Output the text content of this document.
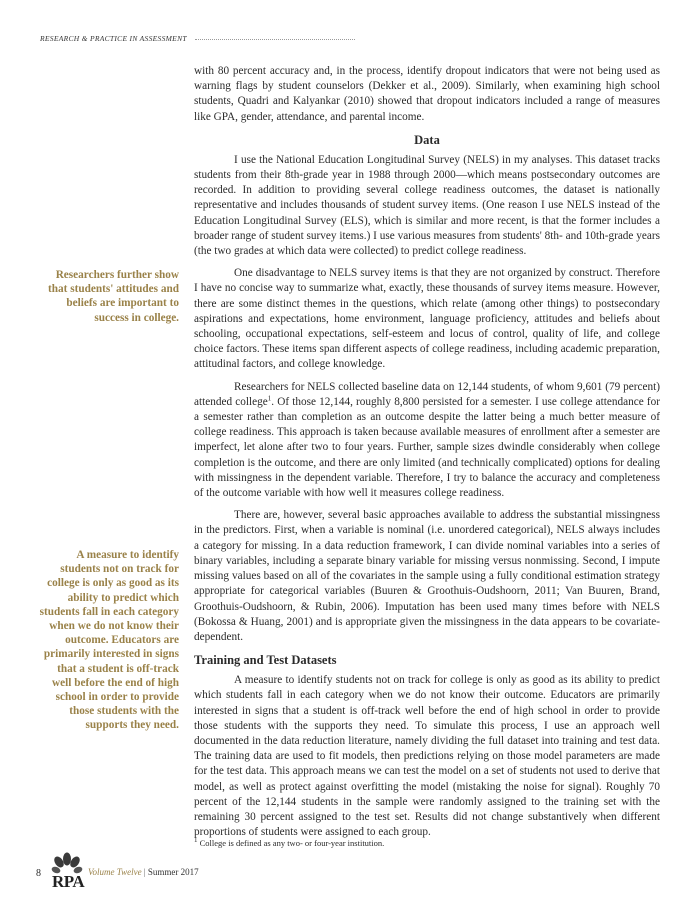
RESEARCH & PRACTICE IN ASSESSMENT
Researchers further show that students' attitudes and beliefs are important to success in college.
A measure to identify students not on track for college is only as good as its ability to predict which students fall in each category when we do not know their outcome. Educators are primarily interested in signs that a student is off-track well before the end of high school in order to provide those students with the supports they need.

with 80 percent accuracy and, in the process, identify dropout indicators that were not being used as warning flags by student counselors (Dekker et al., 2009). Similarly, when examining high school students, Quadri and Kalyankar (2010) showed that dropout indicators included a range of measures like GPA, gender, attendance, and parental income.

Data

I use the National Education Longitudinal Survey (NELS) in my analyses. This dataset tracks students from their 8th-grade year in 1988 through 2000—which means postsecondary outcomes are recorded. In addition to providing several college readiness outcomes, the dataset is nationally representative and includes thousands of student survey items. (One reason I use NELS instead of the Education Longitudinal Survey (ELS), which is similar and more recent, is that the former includes a broader range of student survey items.) I use various measures from students' 8th- and 10th-grade years (the two grades at which data were collected) to predict college readiness.

One disadvantage to NELS survey items is that they are not organized by construct. Therefore I have no concise way to summarize what, exactly, these thousands of survey items measure. However, there are some distinct themes in the questions, which relate (among other things) to postsecondary aspirations and expectations, home environment, language proficiency, attitudes and beliefs about schooling, occupational expectations, self-esteem and locus of control, quality of life, and college choice factors. These items span different aspects of college readiness, including academic preparation, attitudinal factors, and college knowledge.

Researchers for NELS collected baseline data on 12,144 students, of whom 9,601 (79 percent) attended college$^1$. Of those 12,144, roughly 8,800 persisted for a semester. I use college attendance for a semester rather than completion as an outcome despite the latter being a much better measure of college readiness. This approach is taken because available measures of enrollment after a semester are imperfect, let alone after two to four years. Further, sample sizes dwindle considerably when college completion is the outcome, and there are only limited (and technically complicated) options for dealing with missingness in the dependent variable. Therefore, I try to balance the accuracy and completeness of the outcome variable with how well it measures college readiness.

There are, however, several basic approaches available to address the substantial missingness in the predictors. First, when a variable is nominal (i.e. unordered categorical), NELS always includes a category for missing. In a data reduction framework, I can divide nominal variables into a series of binary variables, including a separate binary variable for missing versus nonmissing. Second, I impute missing values based on all of the covariates in the sample using a fully conditional estimation strategy appropriate for categorical variables (Buuren & Groothuis-Oudshoorn, 2011; Van Buuren, Brand, Groothuis-Oudshoorn, & Rubin, 2006). Imputation has been used many times before with NELS (Bokossa & Huang, 2001) and is appropriate given the missingness in the data appears to be covariate-dependent.

Training and Test Datasets

A measure to identify students not on track for college is only as good as its ability to predict which students fall in each category when we do not know their outcome. Educators are primarily interested in signs that a student is off-track well before the end of high school in order to provide those students with the supports they need. To simulate this process, I use an approach well documented in the data reduction literature, namely dividing the full dataset into training and test data. The training data are used to fit models, then predictions relying on those model parameters are made for the test data. This approach means we can test the model on a set of students not used to derive that model, as well as protect against overfitting the model (mistaking the noise for signal). Roughly 70 percent of the 12,144 students in the sample were randomly assigned to the training set with the remaining 30 percent assigned to the test set. Results did not change substantively when different proportions of students were assigned to each group.

$^1$ College is defined as any two- or four-year institution.
8 RPA Volume Twelve | Summer 2017
